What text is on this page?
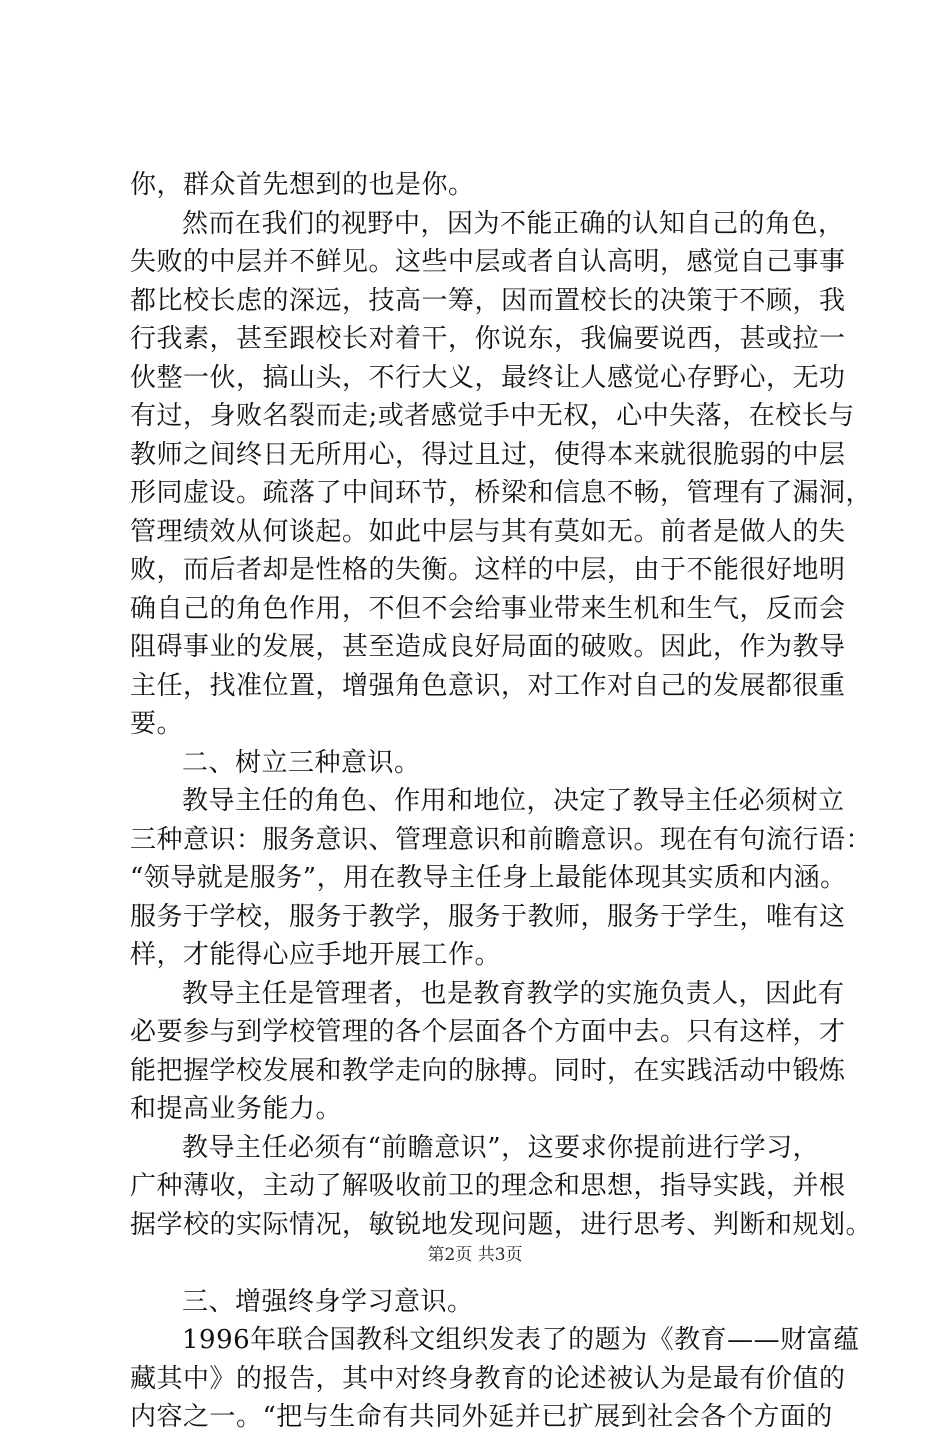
你，群众首先想到的也是你。
然而在我们的视野中，因为不能正确的认知自己的角色，
失败的中层并不鲜见。这些中层或者自认高明，感觉自己事事
都比校长虑的深远，技高一筹，因而置校长的决策于不顾，我
行我素，甚至跟校长对着干，你说东，我偏要说西，甚或拉一
伙整一伙，搞山头，不行大义，最终让人感觉心存野心，无功
有过，身败名裂而走;或者感觉手中无权，心中失落，在校长与
教师之间终日无所用心，得过且过，使得本来就很脆弱的中层
形同虚设。疏落了中间环节，桥梁和信息不畅，管理有了漏洞，
管理绩效从何谈起。如此中层与其有莫如无。前者是做人的失
败，而后者却是性格的失衡。这样的中层，由于不能很好地明
确自己的角色作用，不但不会给事业带来生机和生气，反而会
阻碍事业的发展，甚至造成良好局面的破败。因此，作为教导
主任，找准位置，增强角色意识，对工作对自己的发展都很重
要。
二、树立三种意识。
教导主任的角色、作用和地位，决定了教导主任必须树立
三种意识：服务意识、管理意识和前瞻意识。现在有句流行语：
“领导就是服务”，用在教导主任身上最能体现其实质和内涵。
服务于学校，服务于教学，服务于教师，服务于学生，唯有这
样，才能得心应手地开展工作。
教导主任是管理者，也是教育教学的实施负责人，因此有
必要参与到学校管理的各个层面各个方面中去。只有这样，才
能把握学校发展和教学走向的脉搏。同时，在实践活动中锻炼
和提高业务能力。
教导主任必须有“前瞻意识”，这要求你提前进行学习，
广种薄收，主动了解吸收前卫的理念和思想，指导实践，并根
据学校的实际情况，敏锐地发现问题，进行思考、判断和规划。
三、增强终身学习意识。
1996年联合国教科文组织发表了的题为《教育——财富蕴
藏其中》的报告，其中对终身教育的论述被认为是最有价值的
内容之一。“把与生命有共同外延并已扩展到社会各个方面的
第2页 共3页
